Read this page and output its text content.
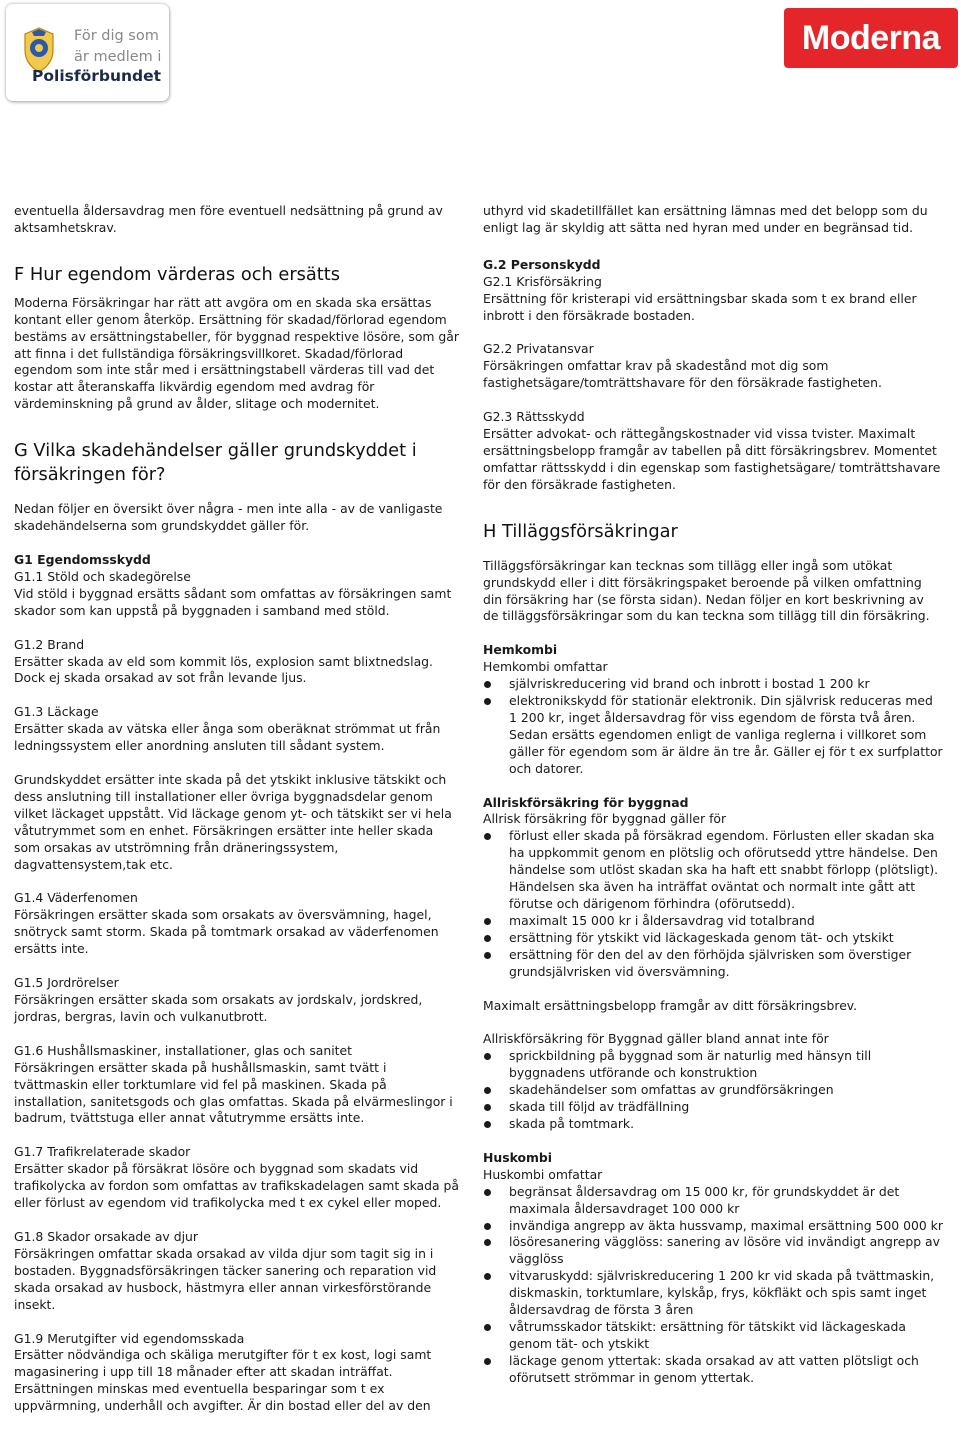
För dig som
är medlem i
Polisförbundet
Moderna

eventuella åldersavdrag men före eventuell nedsättning på grund av aktsamhetskrav.

F Hur egendom värderas och ersätts

Moderna Försäkringar har rätt att avgöra om en skada ska ersättas kontant eller genom återköp. Ersättning för skadad/förlorad egendom bestäms av ersättningstabeller, för byggnad respektive lösöre, som går att finna i det fullständiga försäkringsvillkoret. Skadad/förlorad egendom som inte står med i ersättningstabell värderas till vad det kostar att återanskaffa likvärdig egendom med avdrag för värdeminskning på grund av ålder, slitage och modernitet.

G Vilka skadehändelser gäller grundskyddet i försäkringen för?

Nedan följer en översikt över några - men inte alla - av de vanligaste skadehändelserna som grundskyddet gäller för.

G1 Egendomsskydd

G1.1 Stöld och skadegörelse

Vid stöld i byggnad ersätts sådant som omfattas av försäkringen samt skador som kan uppstå på byggnaden i samband med stöld.

G1.2 Brand

Ersätter skada av eld som kommit lös, explosion samt blixtnedslag. Dock ej skada orsakad av sot från levande ljus.

G1.3 Läckage

Ersätter skada av vätska eller ånga som oberäknat strömmat ut från ledningssystem eller anordning ansluten till sådant system.

Grundskyddet ersätter inte skada på det ytskikt inklusive tätskikt och dess anslutning till installationer eller övriga byggnadsdelar genom vilket läckaget uppstått. Vid läckage genom yt- och tätskikt ser vi hela våtutrymmet som en enhet. Försäkringen ersätter inte heller skada som orsakas av utströmning från dräneringssystem, dagvattensystem,tak etc.

G1.4 Väderfenomen

Försäkringen ersätter skada som orsakats av översvämning, hagel, snötryck samt storm. Skada på tomtmark orsakad av väderfenomen ersätts inte.

G1.5 Jordrörelser

Försäkringen ersätter skada som orsakats av jordskalv, jordskred, jordras, bergras, lavin och vulkanutbrott.

G1.6 Hushållsmaskiner, installationer, glas och sanitet

Försäkringen ersätter skada på hushållsmaskin, samt tvätt i tvättmaskin eller torktumlare vid fel på maskinen. Skada på installation, sanitetsgods och glas omfattas. Skada på elvärmeslingor i badrum, tvättstuga eller annat våtutrymme ersätts inte.

G1.7 Trafikrelaterade skador

Ersätter skador på försäkrat lösöre och byggnad som skadats vid trafikolycka av fordon som omfattas av trafikskadelagen samt skada på eller förlust av egendom vid trafikolycka med t ex cykel eller moped.

G1.8 Skador orsakade av djur

Försäkringen omfattar skada orsakad av vilda djur som tagit sig in i bostaden. Byggnadsförsäkringen täcker sanering och reparation vid skada orsakad av husbock, hästmyra eller annan virkesförstörande insekt.

G1.9 Merutgifter vid egendomsskada

Ersätter nödvändiga och skäliga merutgifter för t ex kost, logi samt magasinering i upp till 18 månader efter att skadan inträffat. Ersättningen minskas med eventuella besparingar som t ex uppvärmning, underhåll och avgifter. Är din bostad eller del av den

uthyrd vid skadetillfället kan ersättning lämnas med det belopp som du enligt lag är skyldig att sätta ned hyran med under en begränsad tid.

G.2 Personskydd

G2.1 Krisförsäkring

Ersättning för kristerapi vid ersättningsbar skada som t ex brand eller inbrott i den försäkrade bostaden.

G2.2 Privatansvar

Försäkringen omfattar krav på skadestånd mot dig som fastighetsägare/tomträttshavare för den försäkrade fastigheten.

G2.3 Rättsskydd

Ersätter advokat- och rättegångskostnader vid vissa tvister. Maximalt ersättningsbelopp framgår av tabellen på ditt försäkringsbrev. Momentet omfattar rättsskydd i din egenskap som fastighetsägare/ tomträttshavare för den försäkrade fastigheten.

H Tilläggsförsäkringar

Tilläggsförsäkringar kan tecknas som tillägg eller ingå som utökat grundskydd eller i ditt försäkringspaket beroende på vilken omfattning din försäkring har (se första sidan). Nedan följer en kort beskrivning av de tilläggsförsäkringar som du kan teckna som tillägg till din försäkring.

Hemkombi

Hemkombi omfattar

självriskreducering vid brand och inbrott i bostad 1 200 kr
elektronikskydd för stationär elektronik. Din självrisk reduceras med 1 200 kr, inget åldersavdrag för viss egendom de första två åren. Sedan ersätts egendomen enligt de vanliga reglerna i villkoret som gäller för egendom som är äldre än tre år. Gäller ej för t ex surfplattor och datorer.

Allriskförsäkring för byggnad

Allrisk försäkring för byggnad gäller för

förlust eller skada på försäkrad egendom. Förlusten eller skadan ska ha uppkommit genom en plötslig och oförutsedd yttre händelse. Den händelse som utlöst skadan ska ha haft ett snabbt förlopp (plötsligt). Händelsen ska även ha inträffat oväntat och normalt inte gått att förutse och därigenom förhindra (oförutsedd).
maximalt 15 000 kr i åldersavdrag vid totalbrand
ersättning för ytskikt vid läckageskada genom tät- och ytskikt
ersättning för den del av den förhöjda självrisken som överstiger grundsjälvrisken vid översvämning.

Maximalt ersättningsbelopp framgår av ditt försäkringsbrev.

Allriskförsäkring för Byggnad gäller bland annat inte för

sprickbildning på byggnad som är naturlig med hänsyn till byggnadens utförande och konstruktion
skadehändelser som omfattas av grundförsäkringen
skada till följd av trädfällning
skada på tomtmark.

Huskombi

Huskombi omfattar

begränsat åldersavdrag om 15 000 kr, för grundskyddet är det maximala åldersavdraget 100 000 kr
invändiga angrepp av äkta hussvamp, maximal ersättning 500 000 kr
lösöresanering vägglöss: sanering av lösöre vid invändigt angrepp av vägglöss
vitvaruskydd: självriskreducering 1 200 kr vid skada på tvättmaskin, diskmaskin, torktumlare, kylskåp, frys, kökfläkt och spis samt inget åldersavdrag de första 3 åren
våtrumsskador tätskikt: ersättning för tätskikt vid läckageskada genom tät- och ytskikt
läckage genom yttertak: skada orsakad av att vatten plötsligt och oförutsett strömmar in genom yttertak.
